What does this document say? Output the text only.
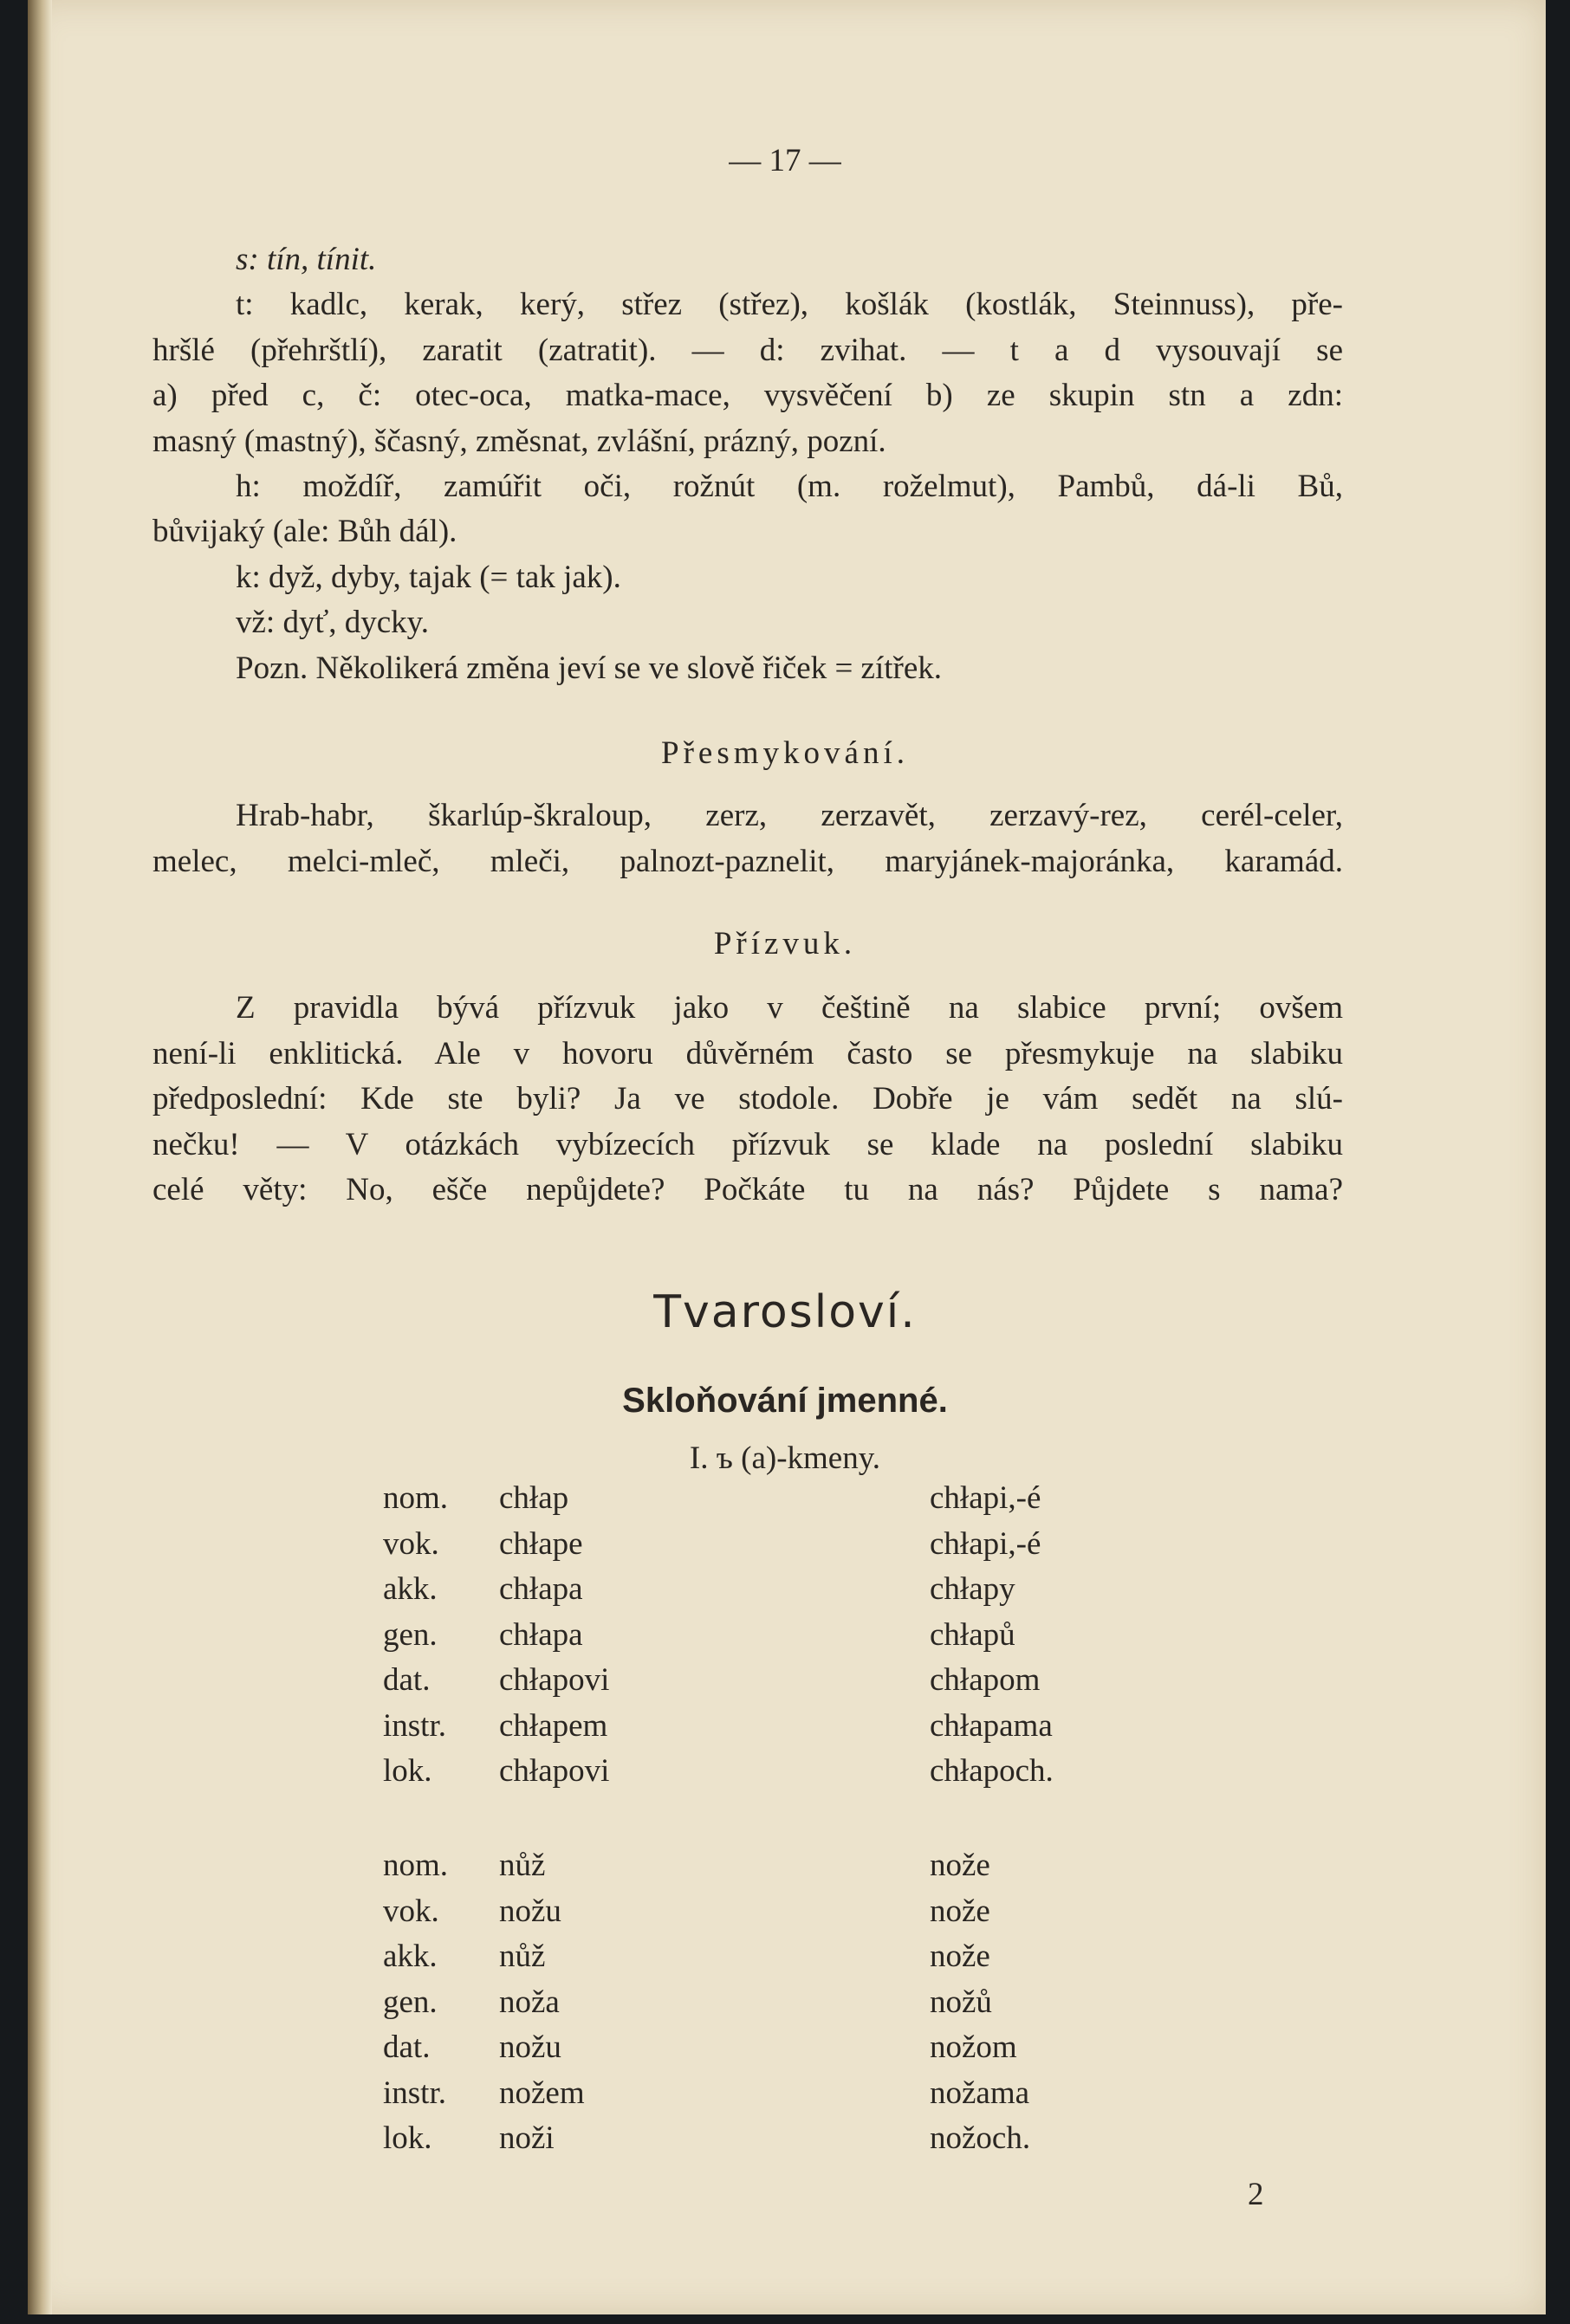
— 17 —
s: tín, tínit.
t: kadlc, kerak, kerý, střez (střez), košlák (kostlák, Steinnuss), pře-
hršlé (přehrštlí), zaratit (zatratit). — d: zvihat. — t a d vysouvají se
a) před c, č: otec-oca, matka-mace, vysvěčení b) ze skupin stn a zdn:
masný (mastný), ščasný, změsnat, zvlášní, prázný, pozní.
h: moždíř, zamúřit oči, rožnút (m. roželmut), Pambů, dá-li Bů,
bůvijaký (ale: Bůh dál).
k: dyž, dyby, tajak (= tak jak).
vž: dyť, dycky.
Pozn. Několikerá změna jeví se ve slově řiček = zítřek.
Přesmykování.
Hrab-habr, škarlúp-škraloup, zerz, zerzavět, zerzavý-rez, cerél-celer,
melec, melci-mleč, mleči, palnozt-paznelit, maryjánek-majoránka, karamád.
Přízvuk.
Z pravidla bývá přízvuk jako v češtině na slabice první; ovšem
není-li enklitická. Ale v hovoru důvěrném často se přesmykuje na slabiku
předposlední: Kde ste byli? Ja ve stodole. Dobře je vám sedět na slú-
nečku! — V otázkách vybízecích přízvuk se klade na poslední slabiku
celé věty: No, ešče nepůjdete? Počkáte tu na nás? Půjdete s nama?
Tvarosloví.
Skloňování jmenné.
I. ъ (a)-kmeny.
nom. chłap	chłapi,-é
vok. chłape	chłapi,-é
akk. chłapa	chłapy
gen. chłapa	chłapů
dat. chłapovi	chłapom
instr. chłapem	chłapama
lok. chłapovi	chłapoch.
nom. nůž	nože
vok. nožu	nože
akk. nůž	nože
gen. noža	nožů
dat. nožu	nožom
instr. nožem	nožama
lok. noži	nožoch.
2
